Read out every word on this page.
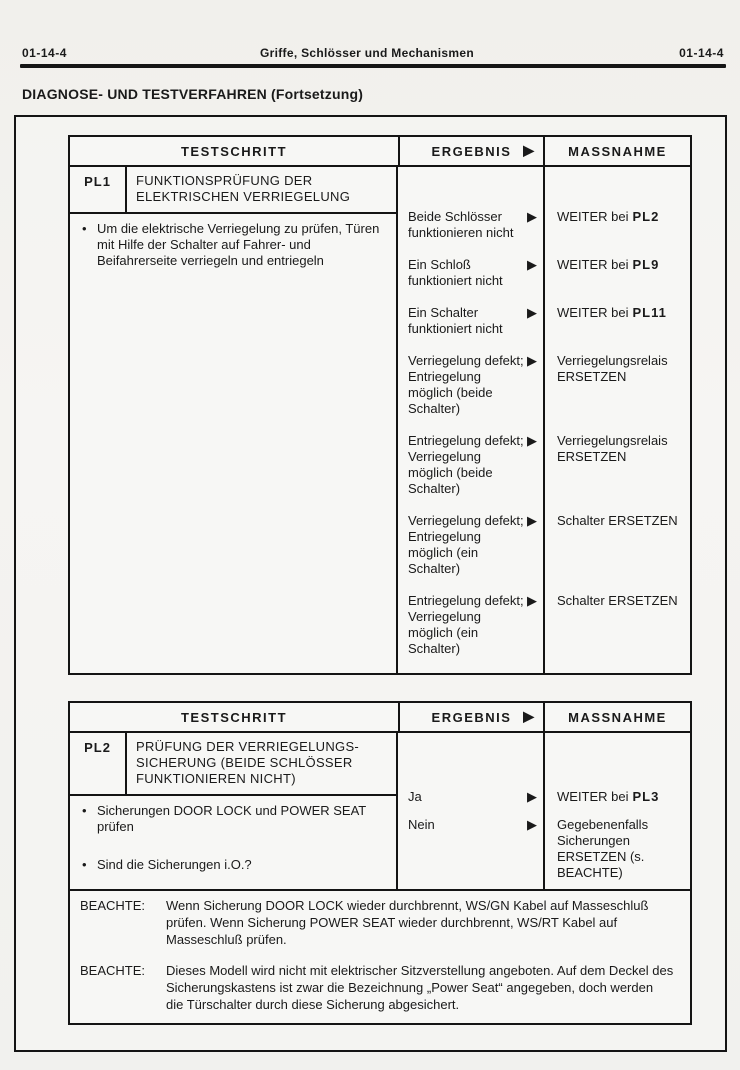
01-14-4	Griffe, Schlösser und Mechanismen	01-14-4
DIAGNOSE- UND TESTVERFAHREN (Fortsetzung)
TESTSCHRITT	ERGEBNIS ▶	MASSNAHME
PL1	FUNKTIONSPRÜFUNG DER ELEKTRISCHEN VERRIEGELUNG
• Um die elektrische Verriegelung zu prüfen, Türen mit Hilfe der Schalter auf Fahrer- und Beifahrerseite verriegeln und entriegeln
Beide Schlösser funktionieren nicht
▶ WEITER bei PL2
Ein Schloß funktioniert nicht
▶ WEITER bei PL9
Ein Schalter funktioniert nicht
▶ WEITER bei PL11
Verriegelung defekt; Entriegelung möglich (beide Schalter)
▶ Verriegelungsrelais ERSETZEN
Entriegelung defekt; Verriegelung möglich (beide Schalter)
▶ Verriegelungsrelais ERSETZEN
Verriegelung defekt; Entriegelung möglich (ein Schalter)
▶ Schalter ERSETZEN
Entriegelung defekt; Verriegelung möglich (ein Schalter)
▶ Schalter ERSETZEN
TESTSCHRITT	ERGEBNIS ▶	MASSNAHME
PL2	PRÜFUNG DER VERRIEGELUNGS-SICHERUNG (BEIDE SCHLÖSSER FUNKTIONIEREN NICHT)
• Sicherungen DOOR LOCK und POWER SEAT prüfen
• Sind die Sicherungen i.O.?
Ja	▶ WEITER bei PL3
Nein	▶ Gegebenenfalls Sicherungen ERSETZEN (s. BEACHTE)
BEACHTE:	Wenn Sicherung DOOR LOCK wieder durchbrennt, WS/GN Kabel auf Masseschluß prüfen. Wenn Sicherung POWER SEAT wieder durchbrennt, WS/RT Kabel auf Masseschluß prüfen.
BEACHTE:	Dieses Modell wird nicht mit elektrischer Sitzverstellung angeboten. Auf dem Deckel des Sicherungskastens ist zwar die Bezeichnung „Power Seat“ angegeben, doch werden die Türschalter durch diese Sicherung abgesichert.
